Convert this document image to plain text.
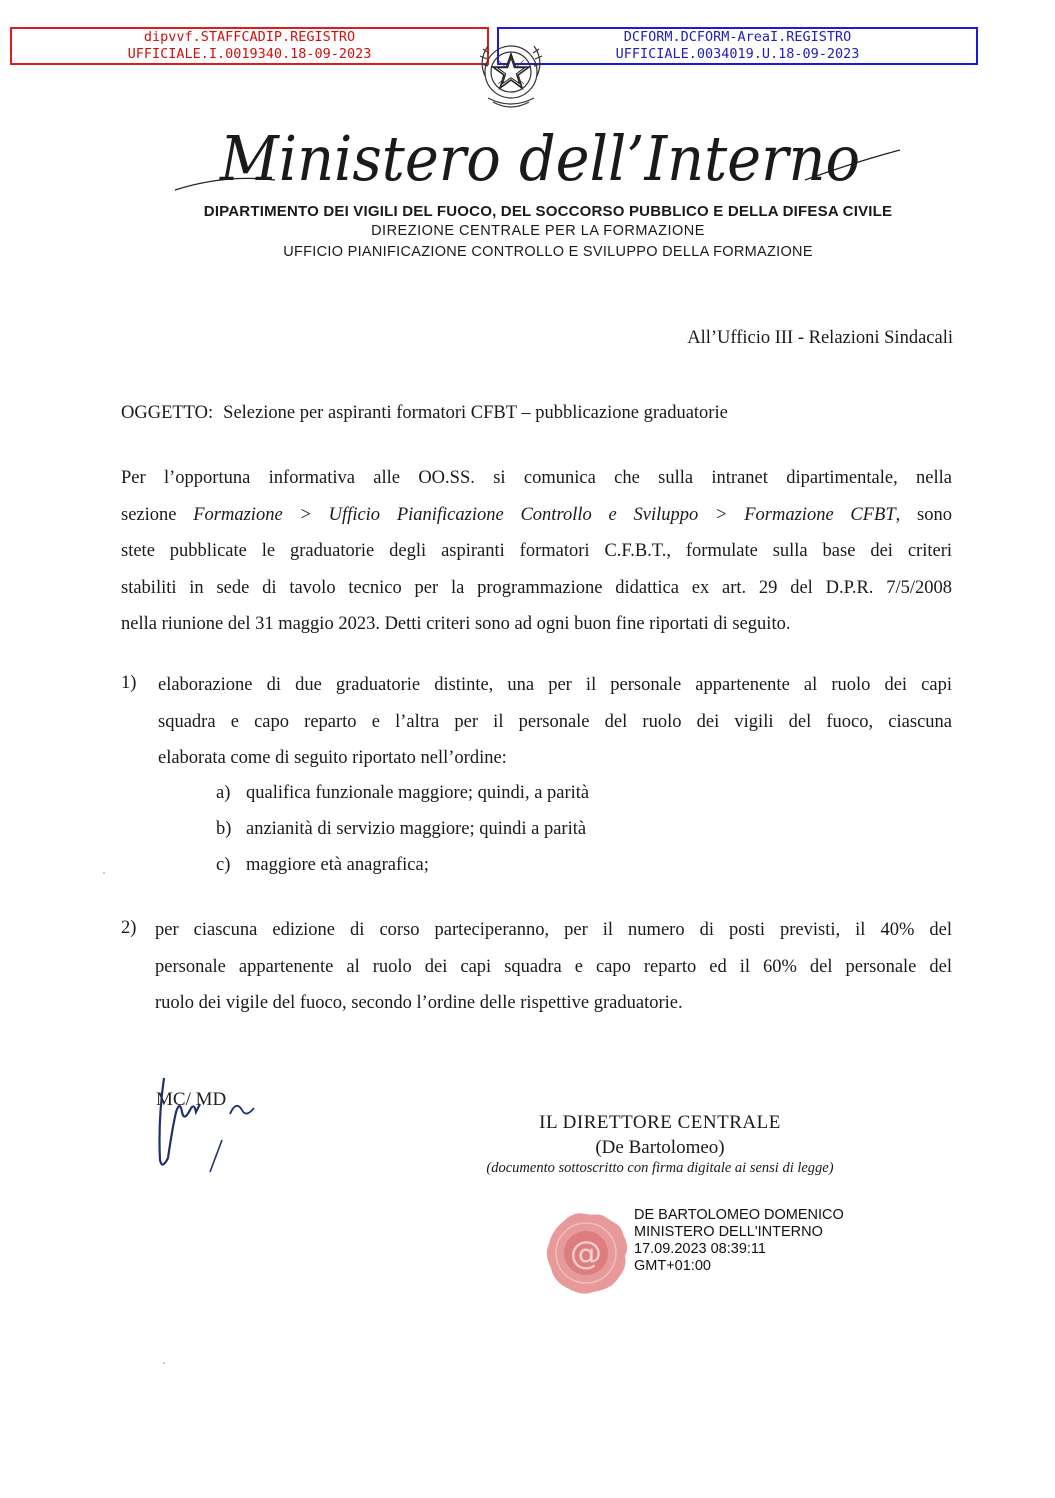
dipvvf.STAFFCADIP.REGISTRO
UFFICIALE.I.0019340.18-09-2023
DCFORM.DCFORM-AreaI.REGISTRO
UFFICIALE.0034019.U.18-09-2023
Ministero dell’Interno
DIPARTIMENTO DEI VIGILI DEL FUOCO, DEL SOCCORSO PUBBLICO E DELLA DIFESA CIVILE
DIREZIONE CENTRALE PER LA FORMAZIONE
UFFICIO PIANIFICAZIONE CONTROLLO E SVILUPPO DELLA FORMAZIONE
All’Ufficio III - Relazioni Sindacali
OGGETTO: Selezione per aspiranti formatori CFBT – pubblicazione graduatorie
Per l’opportuna informativa alle OO.SS. si comunica che sulla intranet dipartimentale, nella
sezione Formazione > Ufficio Pianificazione Controllo e Sviluppo > Formazione CFBT, sono
stete pubblicate le graduatorie degli aspiranti formatori C.F.B.T., formulate sulla base dei criteri
stabiliti in sede di tavolo tecnico per la programmazione didattica ex art. 29 del D.P.R. 7/5/2008
nella riunione del 31 maggio 2023. Detti criteri sono ad ogni buon fine riportati di seguito.
1) elaborazione di due graduatorie distinte, una per il personale appartenente al ruolo dei capi
squadra e capo reparto e l’altra per il personale del ruolo dei vigili del fuoco, ciascuna
elaborata come di seguito riportato nell’ordine:
a) qualifica funzionale maggiore; quindi, a parità
b) anzianità di servizio maggiore; quindi a parità
c) maggiore età anagrafica;
2) per ciascuna edizione di corso parteciperanno, per il numero di posti previsti, il 40% del
personale appartenente al ruolo dei capi squadra e capo reparto ed il 60% del personale del
ruolo dei vigile del fuoco, secondo l’ordine delle rispettive graduatorie.
MC/ MD
IL DIRETTORE CENTRALE
(De Bartolomeo)
(documento sottoscritto con firma digitale ai sensi di legge)
@
DE BARTOLOMEO DOMENICO
MINISTERO DELL'INTERNO
17.09.2023 08:39:11
GMT+01:00
